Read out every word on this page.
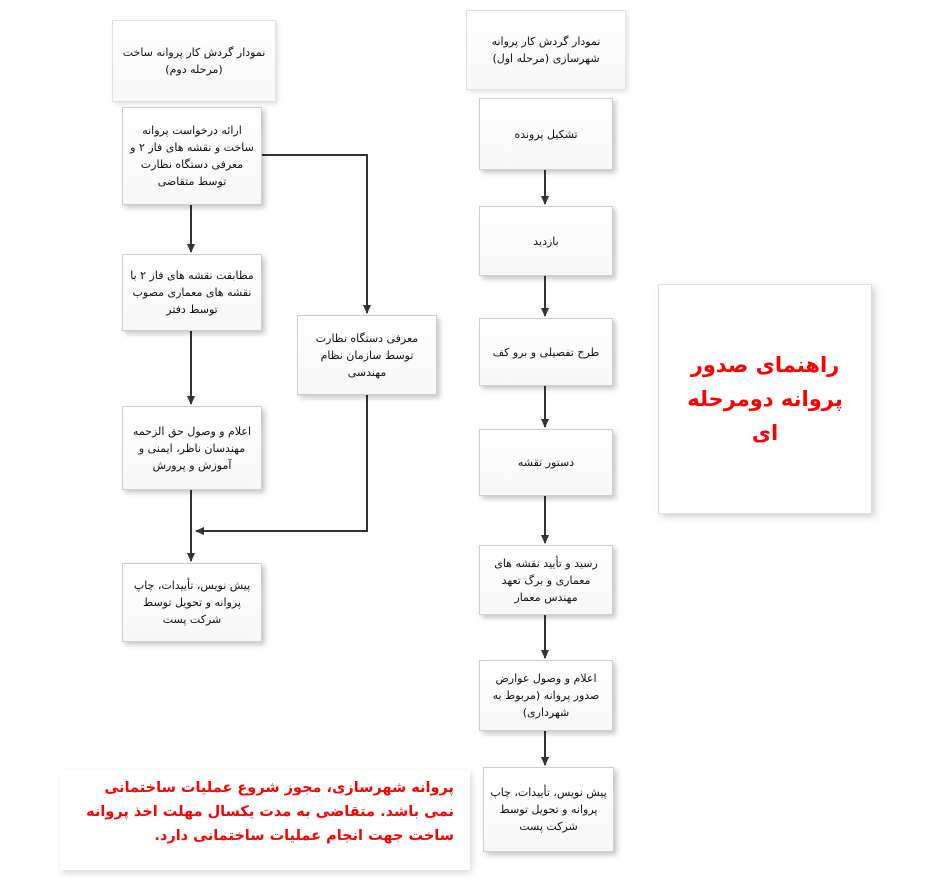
راهنمای صدور پروانه دومرحله ای
نمودار گردش کار پروانه شهرسازی (مرحله اول)
تشکیل پرونده
بازدید
طرح تفصیلی و برو کف
دستور نقشه
رسید و تأیید نقشه های معماری و برگ تعهد مهندس معمار
اعلام و وصول عوارض صدور پروانه (مربوط به شهرداری)
پیش نویس، تأییدات، چاپ پروانه و تحویل توسط شرکت پست
نمودار گردش کار پروانه ساخت (مرحله دوم)
ارائه درخواست پروانه ساخت و نقشه های فاز ۲ و معرفی دستگاه نظارت توسط متقاضی
مطابقت نقشه های فاز ۲ با نقشه های معماری مصوب توسط دفتر
اعلام و وصول حق الزحمه مهندسان ناظر، ایمنی و آموزش و پرورش
پیش نویس، تأییدات، چاپ پروانه و تحویل توسط شرکت پست
معرفی دستگاه نظارت توسط سازمان نظام مهندسی
پروانه شهرسازی، مجوز شروع عملیات ساختمانی نمی باشد. متقاضی به مدت یکسال مهلت اخذ پروانه ساخت جهت انجام عملیات ساختمانی دارد.
